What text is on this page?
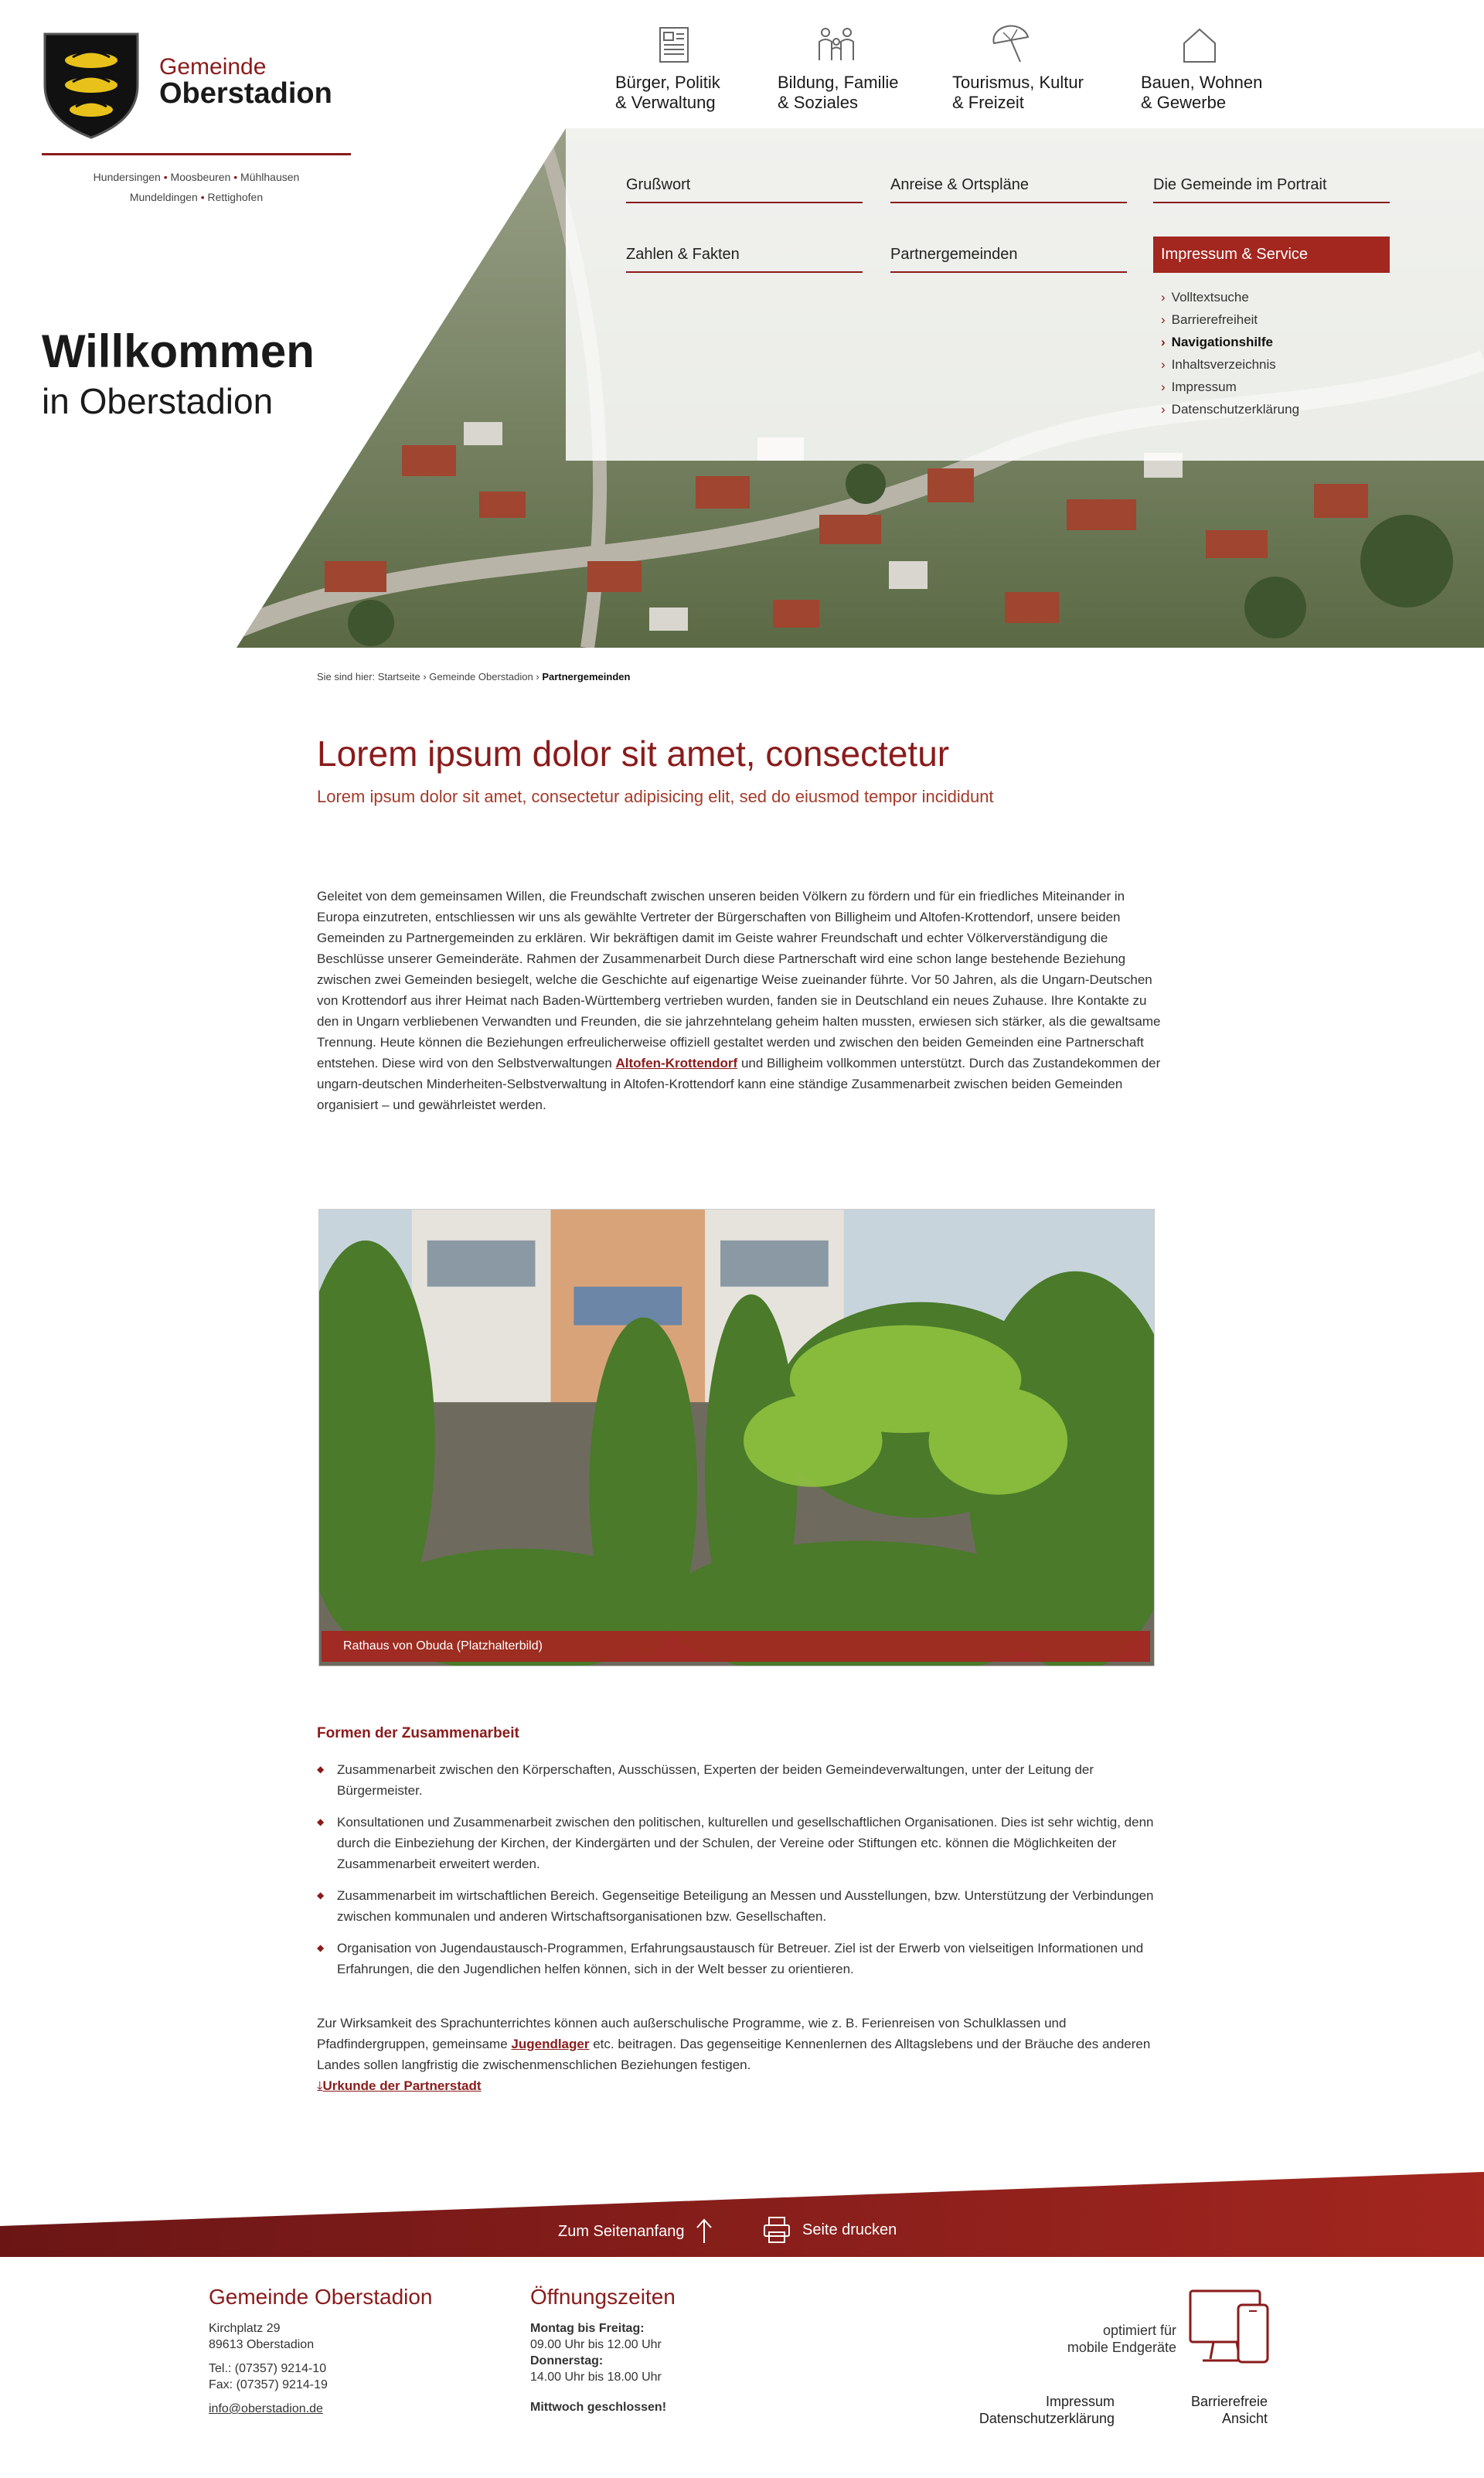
Gemeinde
Oberstadion
Hundersingen • Moosbeuren • Mühlhausen
Mundeldingen • Rettighofen
Bürger, Politik
& Verwaltung
Bildung, Familie
& Soziales
Tourismus, Kultur
& Freizeit
Bauen, Wohnen
& Gewerbe
Willkommen
in Oberstadion
Grußwort	Anreise & Ortspläne	Die Gemeinde im Portrait
Zahlen & Fakten	Partnergemeinden	Impressum & Service
› Volltextsuche
› Barrierefreiheit
› Navigationshilfe
› Inhaltsverzeichnis
› Impressum
› Datenschutzerklärung
Sie sind hier: Startseite › Gemeinde Oberstadion › Partnergemeinden
Lorem ipsum dolor sit amet, consectetur
Lorem ipsum dolor sit amet, consectetur adipisicing elit, sed do eiusmod tempor incididunt

Geleitet von dem gemeinsamen Willen, die Freundschaft zwischen unseren beiden Völkern zu fördern und für ein friedliches Miteinander in Europa einzutreten, entschliessen wir uns als gewählte Vertreter der Bürgerschaften von Billigheim und Altofen-Krottendorf, unsere beiden Gemeinden zu Partnergemeinden zu erklären. Wir bekräftigen damit im Geiste wahrer Freundschaft und echter Völkerverständigung die Beschlüsse unserer Gemeinderäte. Rahmen der Zusammenarbeit Durch diese Partnerschaft wird eine schon lange bestehende Beziehung zwischen zwei Gemeinden besiegelt, welche die Geschichte auf eigenartige Weise zueinander führte. Vor 50 Jahren, als die Ungarn-Deutschen von Krottendorf aus ihrer Heimat nach Baden-Württemberg vertrieben wurden, fanden sie in Deutschland ein neues Zuhause. Ihre Kontakte zu den in Ungarn verbliebenen Verwandten und Freunden, die sie jahrzehntelang geheim halten mussten, erwiesen sich stärker, als die gewaltsame Trennung. Heute können die Beziehungen erfreulicherweise offiziell gestaltet werden und zwischen den beiden Gemeinden eine Partnerschaft entstehen. Diese wird von den Selbstverwaltungen Altofen-Krottendorf und Billigheim vollkommen unterstützt. Durch das Zustandekommen der ungarn-deutschen Minderheiten-Selbstverwaltung in Altofen-Krottendorf kann eine ständige Zusammenarbeit zwischen beiden Gemeinden organisiert – und gewährleistet werden.

Rathaus von Obuda (Platzhalterbild)
Formen der Zusammenarbeit
◆ Zusammenarbeit zwischen den Körperschaften, Ausschüssen, Experten der beiden Gemeindeverwaltungen, unter der Leitung der Bürgermeister.
◆ Konsultationen und Zusammenarbeit zwischen den politischen, kulturellen und gesellschaftlichen Organisationen. Dies ist sehr wichtig, denn durch die Einbeziehung der Kirchen, der Kindergärten und der Schulen, der Vereine oder Stiftungen etc. können die Möglichkeiten der Zusammenarbeit erweitert werden.
◆ Zusammenarbeit im wirtschaftlichen Bereich. Gegenseitige Beteiligung an Messen und Ausstellungen, bzw. Unterstützung der Verbindungen zwischen kommunalen und anderen Wirtschaftsorganisationen bzw. Gesellschaften.
◆ Organisation von Jugendaustausch-Programmen, Erfahrungsaustausch für Betreuer. Ziel ist der Erwerb von vielseitigen Informationen und Erfahrungen, die den Jugendlichen helfen können, sich in der Welt besser zu orientieren.

Zur Wirksamkeit des Sprachunterrichtes können auch außerschulische Programme, wie z. B. Ferienreisen von Schulklassen und Pfadfindergruppen, gemeinsame Jugendlager etc. beitragen. Das gegenseitige Kennenlernen des Alltagslebens und der Bräuche des anderen Landes sollen langfristig die zwischenmenschlichen Beziehungen festigen.

⤓Urkunde der Partnerstadt

Zum Seitenanfang	Seite drucken
Gemeinde Oberstadion
Kirchplatz 29
89613 Oberstadion
Tel.: (07357) 9214-10
Fax: (07357) 9214-19
info@oberstadion.de
Öffnungszeiten
Montag bis Freitag:
09.00 Uhr bis 12.00 Uhr
Donnerstag:
14.00 Uhr bis 18.00 Uhr
Mittwoch geschlossen!
optimiert für
mobile Endgeräte
Impressum
Datenschutzerklärung
Barrierefreie
Ansicht
